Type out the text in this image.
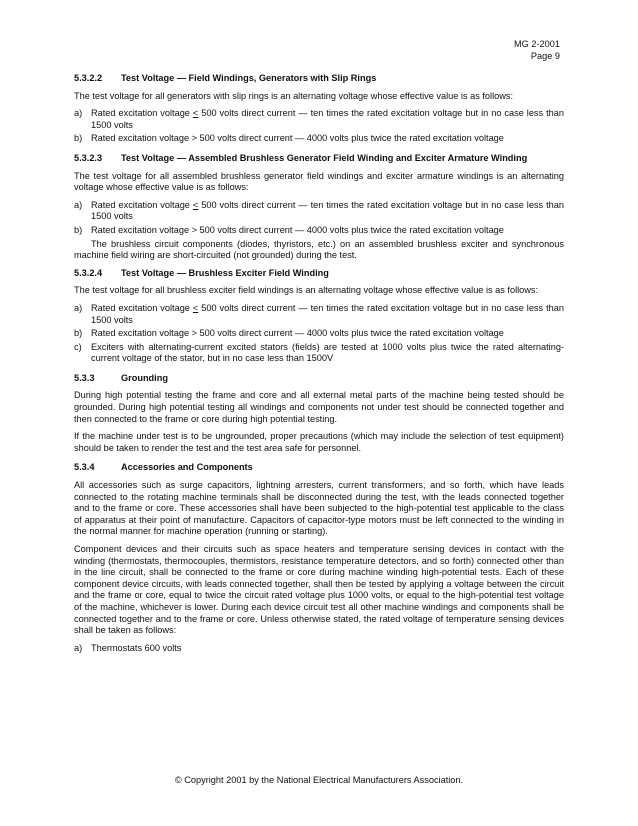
MG 2-2001
Page 9
5.3.2.2 Test Voltage — Field Windings, Generators with Slip Rings

The test voltage for all generators with slip rings is an alternating voltage whose effective value is as follows:

a) Rated excitation voltage < 500 volts direct current — ten times the rated excitation voltage but in no case less than 1500 volts
b) Rated excitation voltage > 500 volts direct current — 4000 volts plus twice the rated excitation voltage
5.3.2.3 Test Voltage — Assembled Brushless Generator Field Winding and Exciter Armature Winding

The test voltage for all assembled brushless generator field windings and exciter armature windings is an alternating voltage whose effective value is as follows:

a) Rated excitation voltage < 500 volts direct current — ten times the rated excitation voltage but in no case less than 1500 volts
b) Rated excitation voltage > 500 volts direct current — 4000 volts plus twice the rated excitation voltage

The brushless circuit components (diodes, thyristors, etc.) on an assembled brushless exciter and synchronous machine field wiring are short-circuited (not grounded) during the test.

5.3.2.4 Test Voltage — Brushless Exciter Field Winding

The test voltage for all brushless exciter field windings is an alternating voltage whose effective value is as follows:

a) Rated excitation voltage < 500 volts direct current — ten times the rated excitation voltage but in no case less than 1500 volts
b) Rated excitation voltage > 500 volts direct current — 4000 volts plus twice the rated excitation voltage
c)	Exciters with alternating-current excited stators (fields) are tested at 1000 volts plus twice the rated alternating-current voltage of the stator, but in no case less than 1500V
5.3.3	Grounding

During high potential testing the frame and core and all external metal parts of the machine being tested should be grounded. During high potential testing all windings and components not under test should be connected together and then connected to the frame or core during high potential testing.

If the machine under test is to be ungrounded, proper precautions (which may include the selection of test equipment) should be taken to render the test and the test area safe for personnel.

5.3.4	Accessories and Components

All accessories such as surge capacitors, lightning arresters, current transformers, and so forth, which have leads connected to the rotating machine terminals shall be disconnected during the test, with the leads connected together and to the frame or core. These accessories shall have been subjected to the high-potential test applicable to the class of apparatus at their point of manufacture. Capacitors of capacitor-type motors must be left connected to the winding in the normal manner for machine operation (running or starting).

Component devices and their circuits such as space heaters and temperature sensing devices in contact with the winding (thermostats, thermocouples, thermistors, resistance temperature detectors, and so forth) connected other than in the line circuit, shall be connected to the frame or core during machine winding high-potential tests. Each of these component device circuits, with leads connected together, shall then be tested by applying a voltage between the circuit and the frame or core, equal to twice the circuit rated voltage plus 1000 volts, or equal to the high-potential test voltage of the machine, whichever is lower. During each device circuit test all other machine windings and components shall be connected together and to the frame or core. Unless otherwise stated, the rated voltage of temperature sensing devices shall be taken as follows:

a) Thermostats 600 volts
© Copyright 2001 by the National Electrical Manufacturers Association.
